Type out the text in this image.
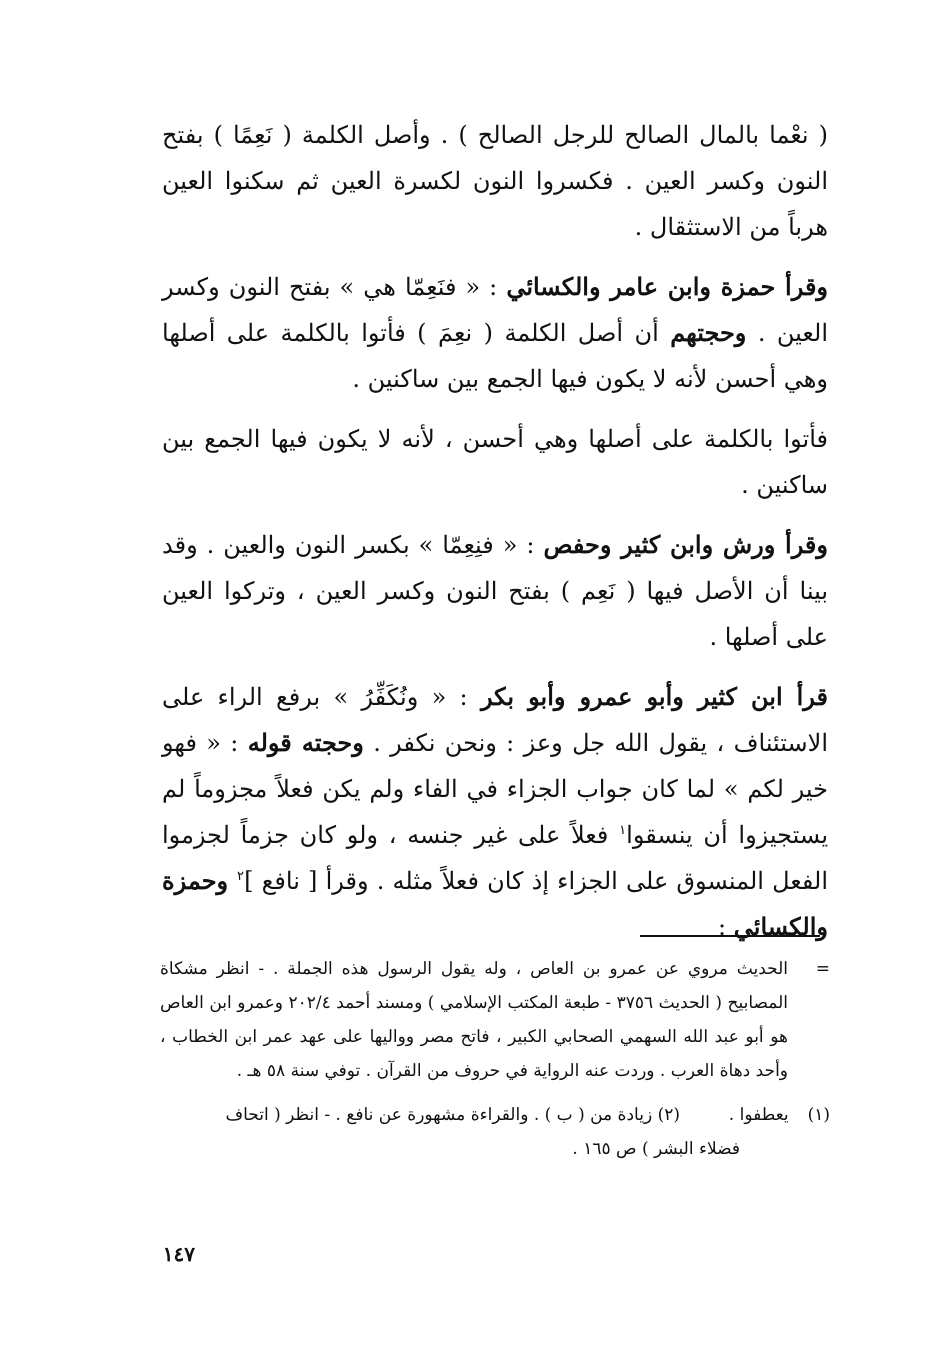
( نعْما بالمال الصالح للرجل الصالح ) . وأصل الكلمة ( نَعِمًا ) بفتح النون وكسر العين . فكسروا النون لكسرة العين ثم سكنوا العين هرباً من الاستثقال .

وقرأ حمزة وابن عامر والكسائي : « فنَعِمّا هي » بفتح النون وكسر العين . وحجتهم أن أصل الكلمة ( نعِمَ ) فأتوا بالكلمة على أصلها وهي أحسن لأنه لا يكون فيها الجمع بين ساكنين .

فأتوا بالكلمة على أصلها وهي أحسن ، لأنه لا يكون فيها الجمع بين ساكنين .

وقرأ ورش وابن كثير وحفص : « فنِعِمّا » بكسر النون والعين . وقد بينا أن الأصل فيها ( نَعِم ) بفتح النون وكسر العين ، وتركوا العين على أصلها .

قرأ ابن كثير وأبو عمرو وأبو بكر : « ونُكَفِّرُ » برفع الراء على الاستئناف ، يقول الله جل وعز : ونحن نكفر . وحجته قوله : « فهو خير لكم » لما كان جواب الجزاء في الفاء ولم يكن فعلاً مجزوماً لم يستجيزوا أن ينسقوا$^١$ فعلاً على غير جنسه ، ولو كان جزماً لجزموا الفعل المنسوق على الجزاء إذ كان فعلاً مثله . وقرأ [ نافع ]$^٢$ وحمزة والكسائي :

=
الحديث مروي عن عمرو بن العاص ، وله يقول الرسول هذه الجملة . - انظر مشكاة المصابيح ( الحديث ٣٧٥٦ - طبعة المكتب الإسلامي ) ومسند أحمد ٢٠٢/٤ وعمرو ابن العاص هو أبو عبد الله السهمي الصحابي الكبير ، فاتح مصر وواليها على عهد عمر ابن الخطاب ، وأحد دهاة العرب . وردت عنه الرواية في حروف من القرآن . توفي سنة ٥٨ هـ .

(١) يعطفوا .  (٢) زيادة من ( ب ) . والقراءة مشهورة عن نافع . - انظر ( اتحاف

فضلاء البشر ) ص ١٦٥ .

١٤٧
